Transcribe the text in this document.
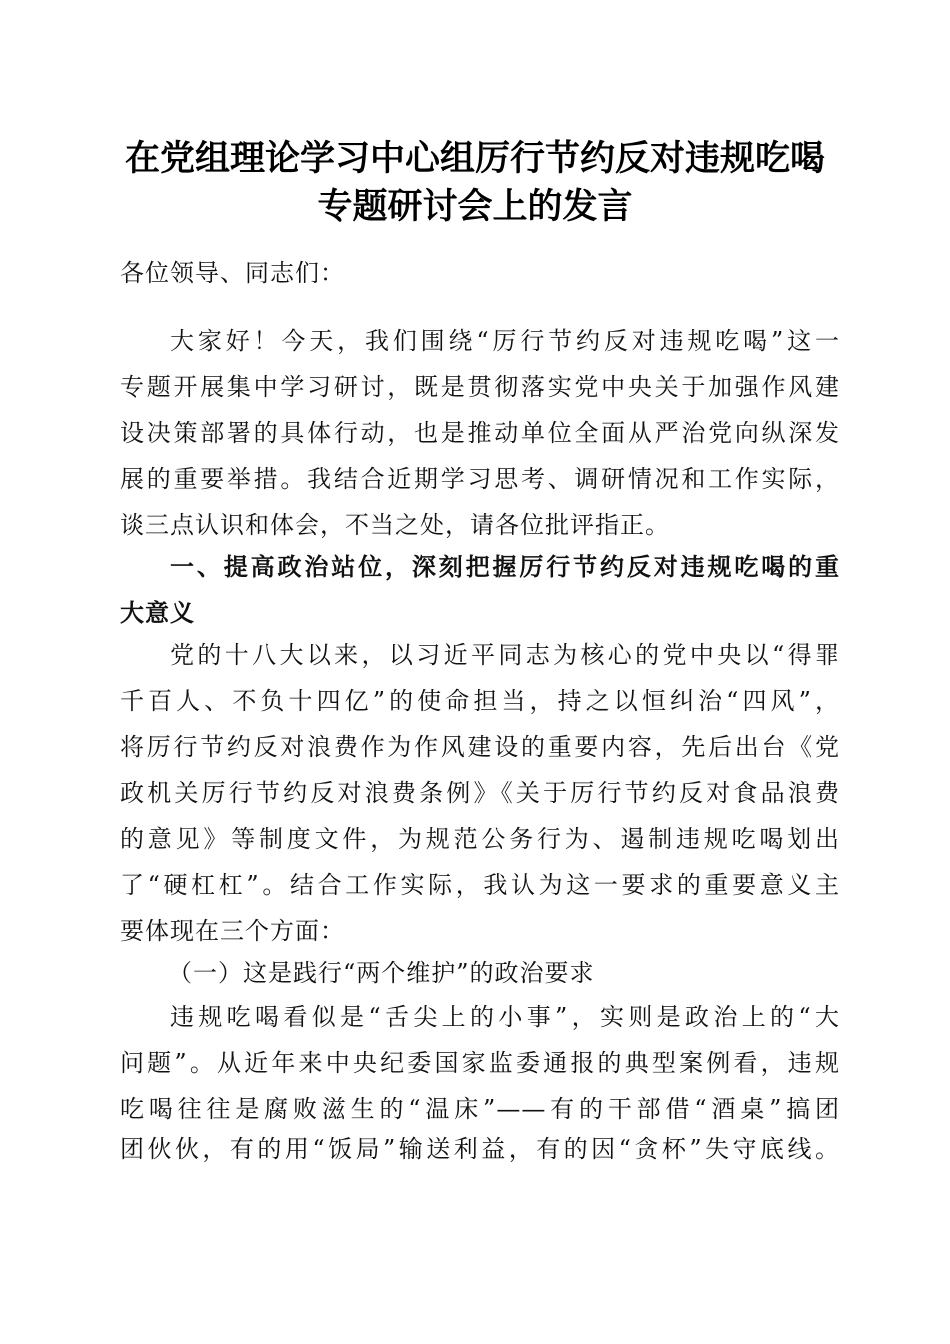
在党组理论学习中心组厉行节约反对违规吃喝
专题研讨会上的发言
各位领导、同志们：
大家好！今天，我们围绕“厉行节约反对违规吃喝”这一
专题开展集中学习研讨，既是贯彻落实党中央关于加强作风建
设决策部署的具体行动，也是推动单位全面从严治党向纵深发
展的重要举措。我结合近期学习思考、调研情况和工作实际，
谈三点认识和体会，不当之处，请各位批评指正。
一、提高政治站位，深刻把握厉行节约反对违规吃喝的重
大意义
党的十八大以来，以习近平同志为核心的党中央以“得罪
千百人、不负十四亿”的使命担当，持之以恒纠治“四风”，
将厉行节约反对浪费作为作风建设的重要内容，先后出台《党
政机关厉行节约反对浪费条例》《关于厉行节约反对食品浪费
的意见》等制度文件，为规范公务行为、遏制违规吃喝划出
了“硬杠杠”。结合工作实际，我认为这一要求的重要意义主
要体现在三个方面：
（一）这是践行“两个维护”的政治要求
违规吃喝看似是“舌尖上的小事”，实则是政治上的“大
问题”。从近年来中央纪委国家监委通报的典型案例看，违规
吃喝往往是腐败滋生的“温床”——有的干部借“酒桌”搞团
团伙伙，有的用“饭局”输送利益，有的因“贪杯”失守底线。
